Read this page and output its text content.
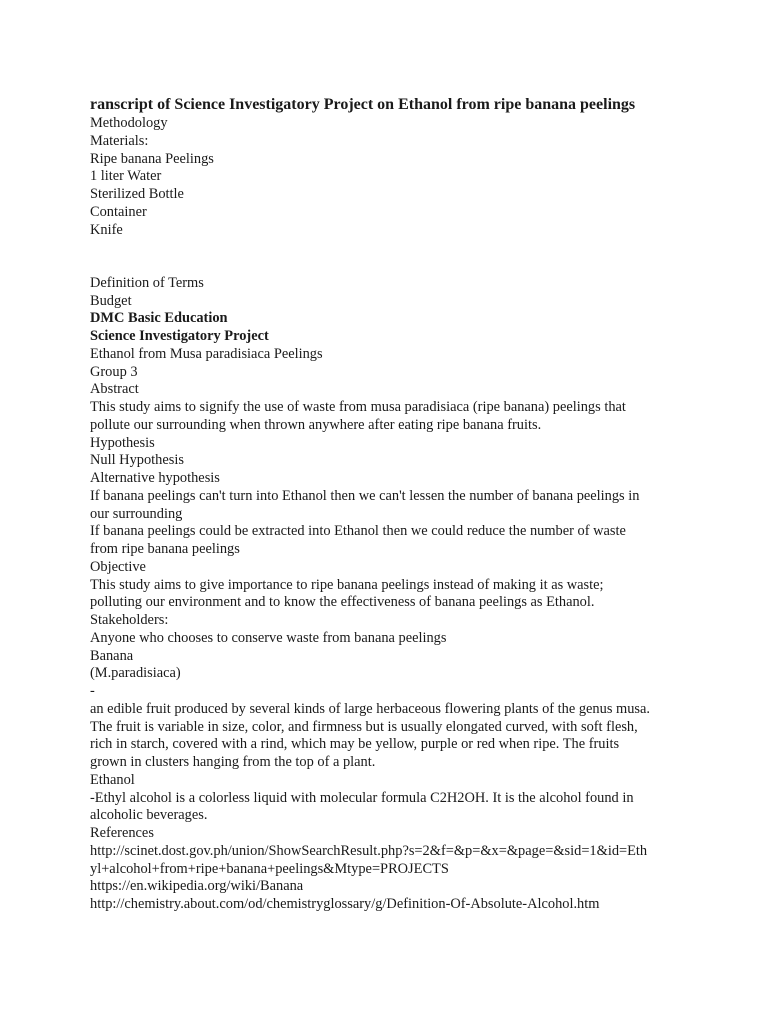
ranscript of Science Investigatory Project on Ethanol from ripe banana peelings
Methodology
Materials:
Ripe banana Peelings
1 liter Water
Sterilized Bottle
Container
Knife
Definition of Terms
Budget
DMC Basic Education
Science Investigatory Project
Ethanol from Musa paradisiaca Peelings
Group 3
Abstract
This study aims to signify the use of waste from musa paradisiaca (ripe banana) peelings that
pollute our surrounding when thrown anywhere after eating ripe banana fruits.
Hypothesis
Null Hypothesis
Alternative hypothesis
If banana peelings can't turn into Ethanol then we can't lessen the number of banana peelings in
our surrounding
If banana peelings could be extracted into Ethanol then we could reduce the number of waste
from ripe banana peelings
Objective
This study aims to give importance to ripe banana peelings instead of making it as waste;
polluting our environment and to know the effectiveness of banana peelings as Ethanol.
Stakeholders:
Anyone who chooses to conserve waste from banana peelings
Banana
(M.paradisiaca)
-
an edible fruit produced by several kinds of large herbaceous flowering plants of the genus musa.
The fruit is variable in size, color, and firmness but is usually elongated curved, with soft flesh,
rich in starch, covered with a rind, which may be yellow, purple or red when ripe. The fruits
grown in clusters hanging from the top of a plant.
Ethanol
-Ethyl alcohol is a colorless liquid with molecular formula C2H2OH. It is the alcohol found in
alcoholic beverages.
References
http://scinet.dost.gov.ph/union/ShowSearchResult.php?s=2&f=&p=&x=&page=&sid=1&id=Eth
yl+alcohol+from+ripe+banana+peelings&Mtype=PROJECTS
https://en.wikipedia.org/wiki/Banana
http://chemistry.about.com/od/chemistryglossary/g/Definition-Of-Absolute-Alcohol.htm
